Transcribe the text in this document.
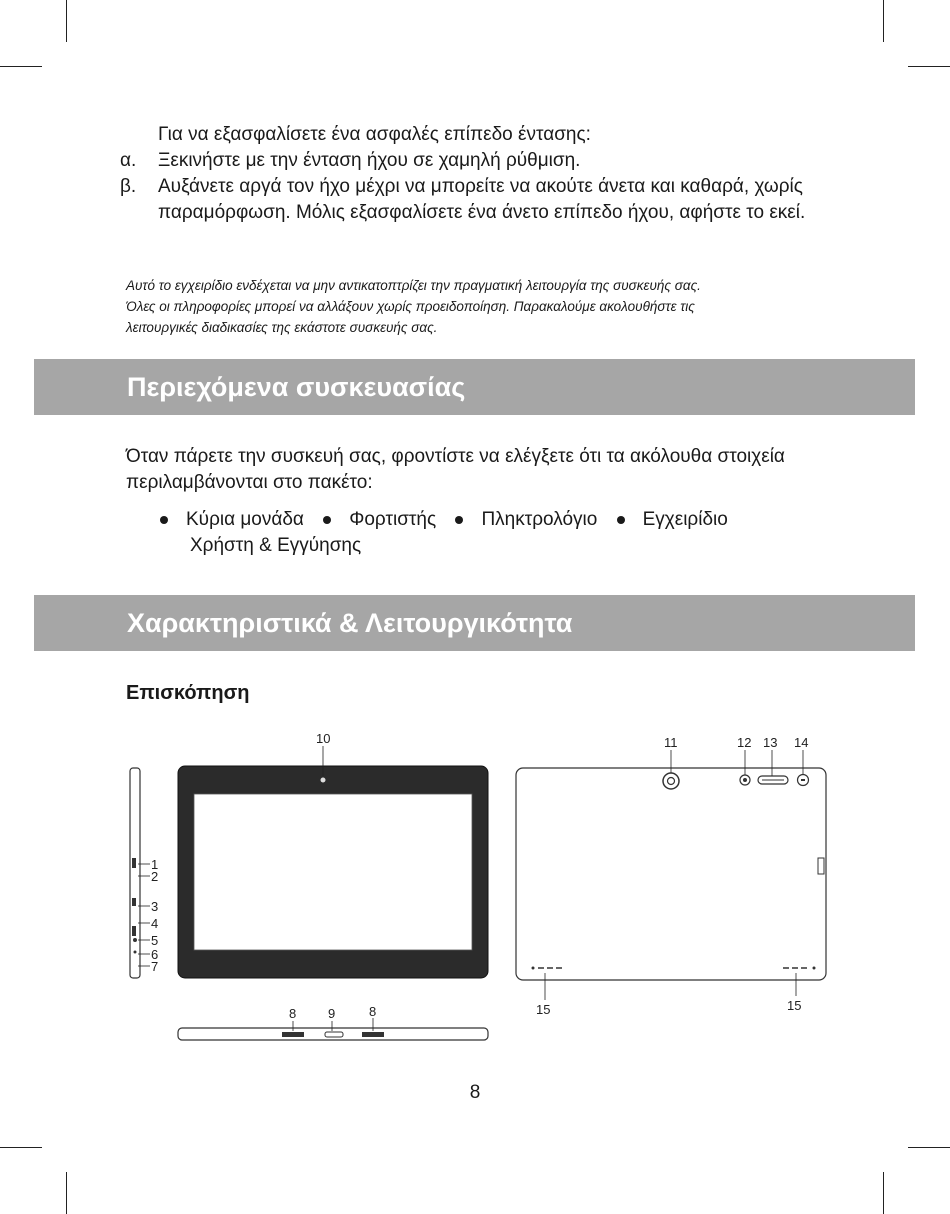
Για να εξασφαλίσετε ένα ασφαλές επίπεδο έντασης:
α.	Ξεκινήστε με την ένταση ήχου σε χαμηλή ρύθμιση.
β.	Αυξάνετε αργά τον ήχο μέχρι να μπορείτε να ακούτε άνετα και καθαρά, χωρίς παραμόρφωση. Μόλις εξασφαλίσετε ένα άνετο επίπεδο ήχου, αφήστε το εκεί.
Αυτό το εγχειρίδιο ενδέχεται να μην αντικατοπτρίζει την πραγματική λειτουργία της συσκευής σας.
Όλες οι πληροφορίες μπορεί να αλλάξουν χωρίς προειδοποίηση. Παρακαλούμε ακολουθήστε τις
λειτουργικές διαδικασίες της εκάστοτε συσκευής σας.
Περιεχόμενα συσκευασίας
Όταν πάρετε την συσκευή σας, φροντίστε να ελέγξετε ότι τα ακόλουθα στοιχεία περιλαμβάνονται στο πακέτο:
Κύρια μονάδα Φορτιστής Πληκτρολόγιο Εγχειρίδιο
Χρήστη & Εγγύησης
Χαρακτηριστικά & Λειτουργικότητα
Επισκόπηση
1
2
3
4
5
6
7
10
8 9	8
11	12 13 14
15	15
8
